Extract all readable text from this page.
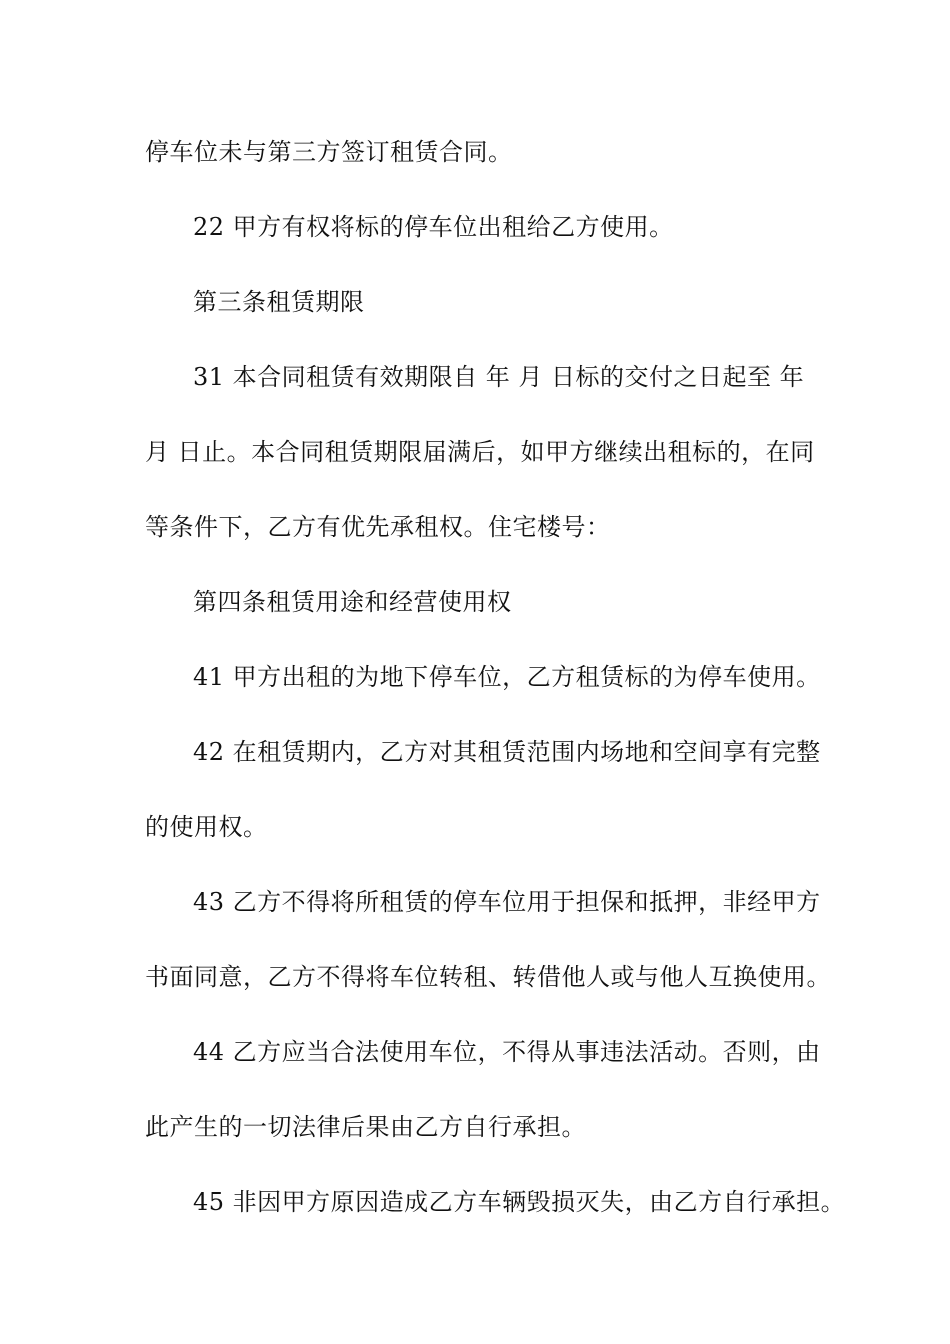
停车位未与第三方签订租赁合同。

22 甲方有权将标的停车位出租给乙方使用。

第三条租赁期限

31 本合同租赁有效期限自 年 月 日标的交付之日起至 年

月 日止。本合同租赁期限届满后，如甲方继续出租标的，在同

等条件下，乙方有优先承租权。住宅楼号：

第四条租赁用途和经营使用权

41 甲方出租的为地下停车位，乙方租赁标的为停车使用。

42 在租赁期内，乙方对其租赁范围内场地和空间享有完整

的使用权。

43 乙方不得将所租赁的停车位用于担保和抵押，非经甲方

书面同意，乙方不得将车位转租、转借他人或与他人互换使用。

44 乙方应当合法使用车位，不得从事违法活动。否则，由

此产生的一切法律后果由乙方自行承担。

45 非因甲方原因造成乙方车辆毁损灭失，由乙方自行承担。
